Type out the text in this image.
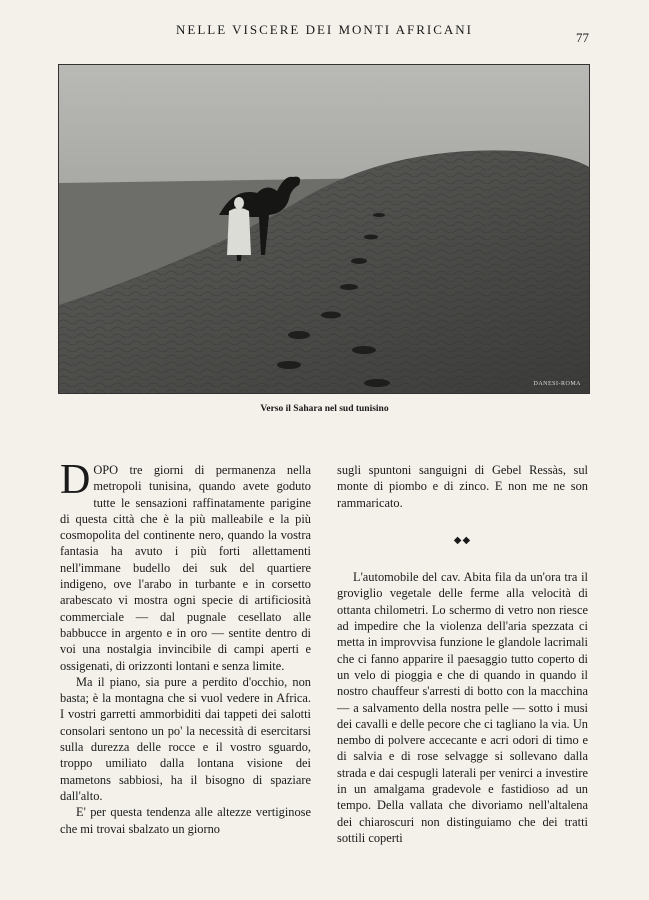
NELLE VISCERE DEI MONTI AFRICANI
77
DANESI-ROMA
Verso il Sahara nel sud tunisino

DOPO tre giorni di permanenza nella metropoli tunisina, quando avete goduto tutte le sensazioni raffinatamente parigine di questa città che è la più malleabile e la più cosmopolita del continente nero, quando la vostra fantasia ha avuto i più forti allettamenti nell'immane budello dei suk del quartiere indigeno, ove l'arabo in turbante e in corsetto arabescato vi mostra ogni specie di artificiosità commerciale — dal pugnale cesellato alle babbucce in argento e in oro — sentite dentro di voi una nostalgia invincibile di campi aperti e ossigenati, di orizzonti lontani e senza limite.

Ma il piano, sia pure a perdito d'occhio, non basta; è la montagna che si vuol vedere in Africa. I vostri garretti ammorbiditi dai tappeti dei salotti consolari sentono un po' la necessità di esercitarsi sulla durezza delle rocce e il vostro sguardo, troppo umiliato dalla lontana visione dei mametons sabbiosi, ha il bisogno di spaziare dall'alto.

E' per questa tendenza alle altezze vertiginose che mi trovai sbalzato un giorno

sugli spuntoni sanguigni di Gebel Ressàs, sul monte di piombo e di zinco. E non me ne son rammaricato.

◆◆

L'automobile del cav. Abita fila da un'ora tra il groviglio vegetale delle ferme alla velocità di ottanta chilometri. Lo schermo di vetro non riesce ad impedire che la violenza dell'aria spezzata ci metta in improvvisa funzione le glandole lacrimali che ci fanno apparire il paesaggio tutto coperto di un velo di pioggia e che di quando in quando il nostro chauffeur s'arresti di botto con la macchina — a salvamento della nostra pelle — sotto i musi dei cavalli e delle pecore che ci tagliano la via. Un nembo di polvere accecante e acri odori di timo e di salvia e di rose selvagge si sollevano dalla strada e dai cespugli laterali per venirci a investire in un amalgama gradevole e fastidioso ad un tempo. Della vallata che divoriamo nell'altalena dei chiaroscuri non distinguiamo che dei tratti sottili coperti
